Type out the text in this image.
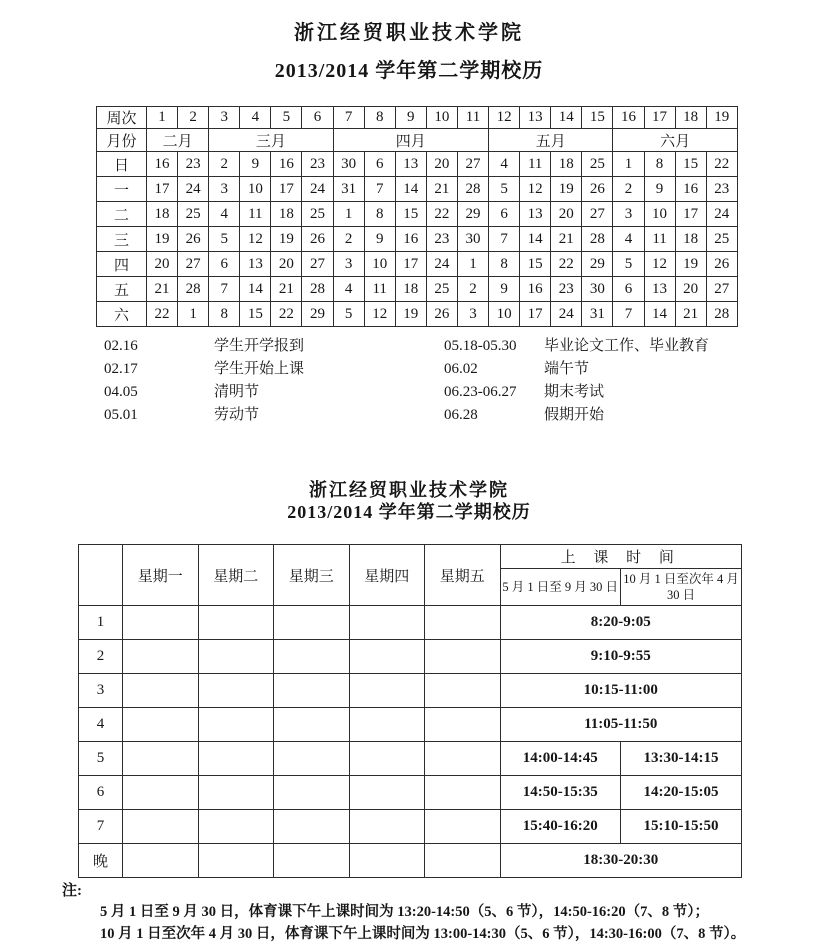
浙江经贸职业技术学院
2013/2014 学年第二学期校历
周次	1	2	3	4	5	6	7	8	9	10	11	12	13	14	15	16	17	18	19
月份	二月		三月				四月					五月				六月			
日	16	23	2	9	16	23	30	6	13	20	27	4	11	18	25	1	8	15	22
一	17	24	3	10	17	24	31	7	14	21	28	5	12	19	26	2	9	16	23
二	18	25	4	11	18	25	1	8	15	22	29	6	13	20	27	3	10	17	24
三	19	26	5	12	19	26	2	9	16	23	30	7	14	21	28	4	11	18	25
四	20	27	6	13	20	27	3	10	17	24	1	8	15	22	29	5	12	19	26
五	21	28	7	14	21	28	4	11	18	25	2	9	16	23	30	6	13	20	27
六	22	1	8	15	22	29	5	12	19	26	3	10	17	24	31	7	14	21	28
02.16	学生开学报到	05.18-05.30	毕业论文工作、毕业教育
02.17	学生开始上课	06.02	端午节
04.05	清明节	06.23-06.27	期末考试
05.01	劳动节	06.28	假期开始
浙江经贸职业技术学院
2013/2014 学年第二学期校历
	星期一	星期二	星期三	星期四	星期五	上 课 时 间	
						5 月 1 日至 9 月 30 日	10 月 1 日至次年 4 月 30 日
1						8:20-9:05	
2						9:10-9:55	
3						10:15-11:00	
4						11:05-11:50	
5						14:00-14:45	13:30-14:15
6						14:50-15:35	14:20-15:05
7						15:40-16:20	15:10-15:50
晚						18:30-20:30	
注:
5 月 1 日至 9 月 30 日，体育课下午上课时间为 13:20-14:50（5、6 节），14:50-16:20（7、8 节）；
10 月 1 日至次年 4 月 30 日，体育课下午上课时间为 13:00-14:30（5、6 节），14:30-16:00（7、8 节）。
